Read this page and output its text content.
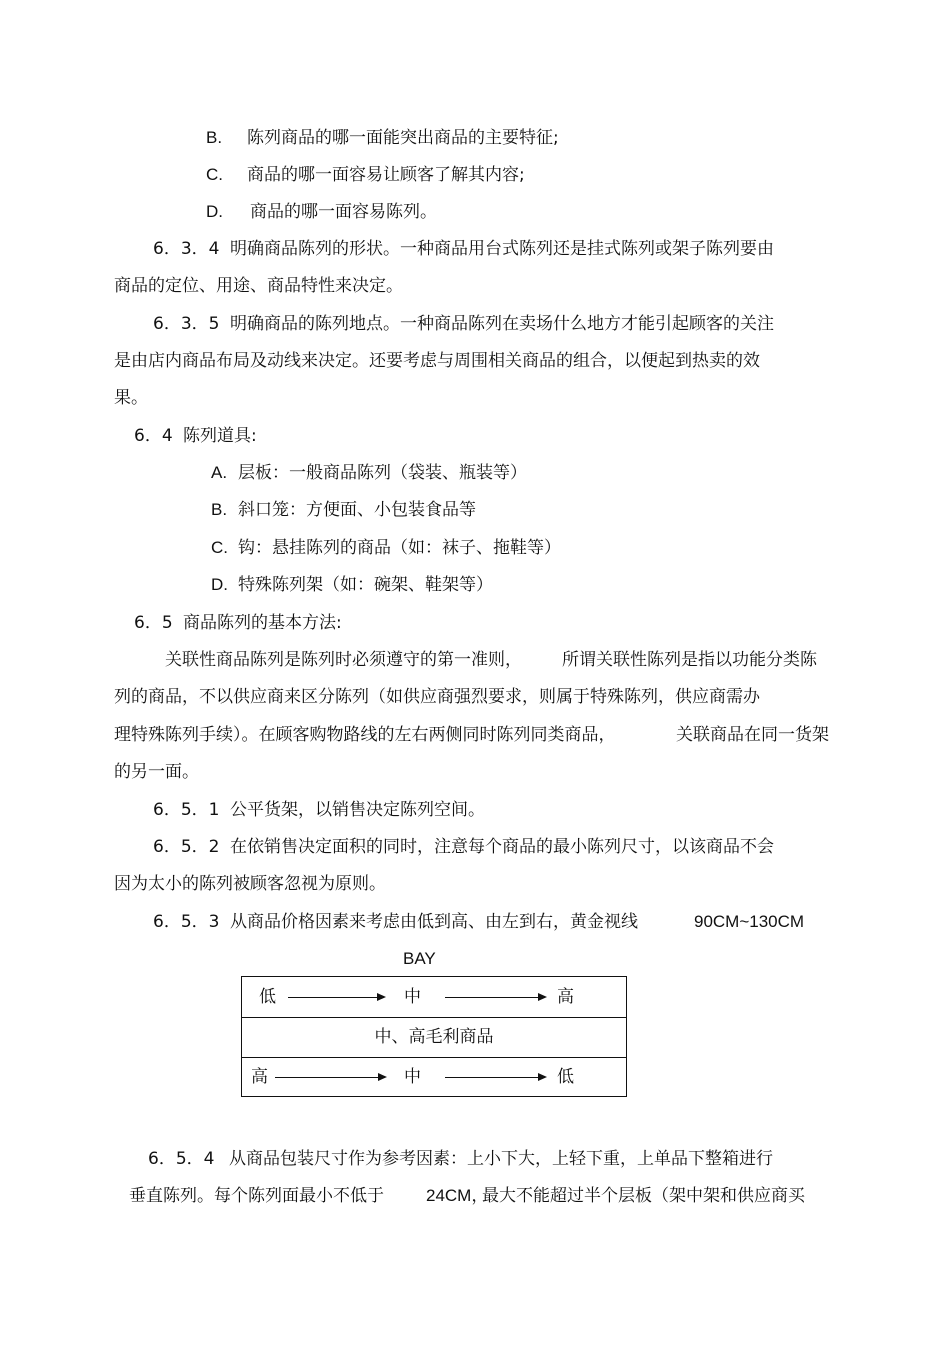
B. 陈列商品的哪一面能突出商品的主要特征;
C. 商品的哪一面容易让顾客了解其内容;
D. 商品的哪一面容易陈列。
6．3．4 明确商品陈列的形状。一种商品用台式陈列还是挂式陈列或架子陈列要由
商品的定位、用途、商品特性来决定。
6．3．5 明确商品的陈列地点。一种商品陈列在卖场什么地方才能引起顾客的关注
是由店内商品布局及动线来决定。还要考虑与周围相关商品的组合，以便起到热卖的效
果。
6．4 陈列道具:
A. 层板：一般商品陈列（袋装、瓶装等）
B. 斜口笼：方便面、小包装食品等
C. 钩：悬挂陈列的商品（如：袜子、拖鞋等）
D. 特殊陈列架（如：碗架、鞋架等）
6．5 商品陈列的基本方法:
关联性商品陈列是陈列时必须遵守的第一准则， 所谓关联性陈列是指以功能分类陈
列的商品，不以供应商来区分陈列（如供应商强烈要求，则属于特殊陈列，供应商需办
理特殊陈列手续）。在顾客购物路线的左右两侧同时陈列同类商品，	关联商品在同一货架
的另一面。
6．5．1 公平货架，以销售决定陈列空间。
6．5．2 在依销售决定面积的同时，注意每个商品的最小陈列尺寸，以该商品不会
因为太小的陈列被顾客忽视为原则。
6．5．3 从商品价格因素来考虑由低到高、由左到右，黄金视线	90CM~130CM
BAY
低	中	高
中、高毛利商品
高	中	低
6．5．4 从商品包装尺寸作为参考因素：上小下大，上轻下重，上单品下整箱进行
垂直陈列。每个陈列面最小不低于 24CM，
最大不能超过半个层板（架中架和供应商买
